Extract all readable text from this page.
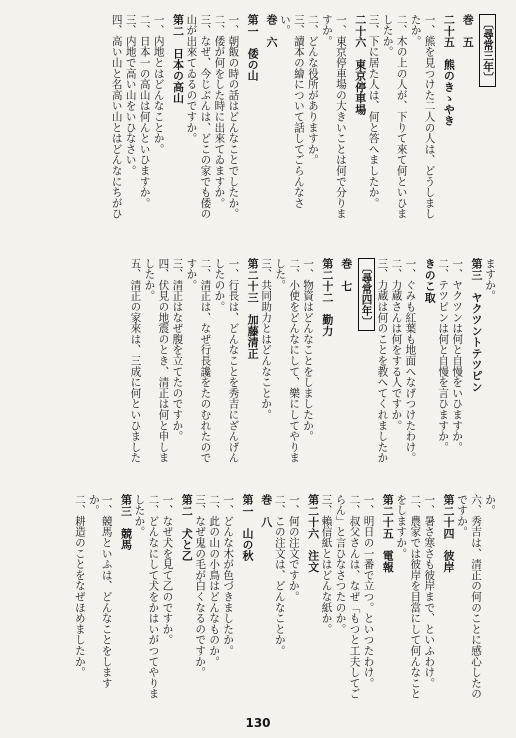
〔尋常三年〕
巻　五
二十五　熊のきゝやき
一、熊を見つけた二人の人は、どうしまし
たか。
二、木の上の人が、下りて來て何といひま
したか。
三、下に居た人は、何と答へましたか。
二十六　東京停車場
一、東京停車場の大きいことは何で分りま
すか。
二、どんな役所がありますか。
三、讀本の繪について話してごらんなさ
い。
巻　六
第一　倭の山
一、朝飯の時の話はどんなことでしたか。
二、倭が何をした時に出來てゐますか。
三、なぜ、今じぶんは、どこの家でも倭の
山が出來てゐるのですか。
第二　日本の高山
一、内地とはどんなことか。
二、日本一の高山は何んといひますか。
三、内地で高い山をいひなさい。
四、高い山と名高い山とはどんなにちがひ
ますか。
第三　ヤクツントテツピン
一、ヤクツンは何と自慢をいひますか。
二、テツピンは何と自慢を言ひますか。
きのこ取
一、ぐみも紅葉も地面へなげつけたわけ。
二、力蔵さんは何をする人ですか。
三、力蔵は何のことを教へてくれましたか
〔尋常四年〕
巻　七
第二十二　勤力
一、物資はどんなことをしましたか。
二、小使をどんなにして、樂にしてやりま
した。
三、共同助力とはどんなことか。
第二十三　加藤清正
一、行長は、どんなことを秀吉にざんげん
したのか。
二、清正は、なぜ行長讒をたのむれたので
すか。
三、清正はなぜ腹を立てたのですか。
四、伏見の地震のとき、清正は何と申しま
したか。
五、清正の家來は、三成に何といひました
か。
六、秀吉は、清正の何のことに感心したの
ですか。
第二十四　彼岸
一、暑さ寒さも彼岸まで、といふわけ。
二、農家では彼岸を目當にして何んなこと
をしますか。
第二十五　電報
一、明日の一番で立つ。といつたわけ。
二、叔父さんは、なぜ「もつと工夫してご
らん」と言ひなさつたのか。
三、賴信紙とはどんな紙か。
第二十六　注文
一、何の注文ですか。
二、この注文は、どんなことか。
巻　八
第一　山の秋
一、どんな木が色づきましたか。
二、此の山の小鳥はどんなものか。
三、なぜ鬼の毛が白くなるのですか。
第二　犬と乙
一、なぜ犬を見て乙のですか。
二、どんなにして犬をかはいがつてやりま
したか。
第三　競馬
一、競馬といふは、どんなことをしますか。
二、耕造のことをなぜほめましたか。
130
